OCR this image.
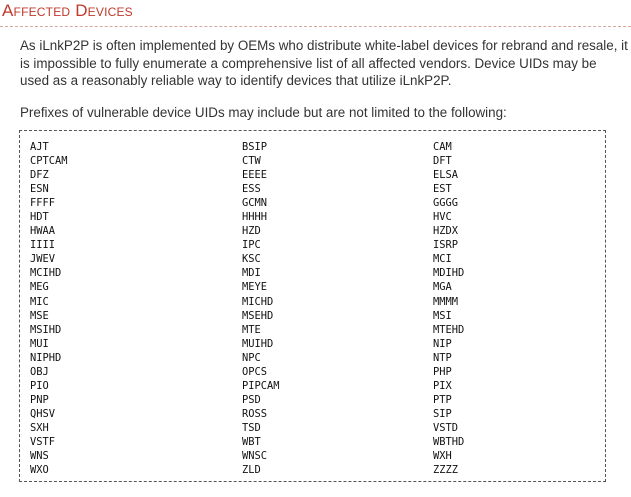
Affected Devices

As iLnkP2P is often implemented by OEMs who distribute white-label devices for rebrand and resale, it is impossible to fully enumerate a comprehensive list of all affected vendors. Device UIDs may be used as a reasonably reliable way to identify devices that utilize iLnkP2P.

Prefixes of vulnerable device UIDs may include but are not limited to the following:

AJT
CPTCAM
DFZ
ESN
FFFF
HDT
HWAA
IIII
JWEV
MCIHD
MEG
MIC
MSE
MSIHD
MUI
NIPHD
OBJ
PIO
PNP
QHSV
SXH
VSTF
WNS
WXO
BSIP
CTW
EEEE
ESS
GCMN
HHHH
HZD
IPC
KSC
MDI
MEYE
MICHD
MSEHD
MTE
MUIHD
NPC
OPCS
PIPCAM
PSD
ROSS
TSD
WBT
WNSC
ZLD
CAM
DFT
ELSA
EST
GGGG
HVC
HZDX
ISRP
MCI
MDIHD
MGA
MMMM
MSI
MTEHD
NIP
NTP
PHP
PIX
PTP
SIP
VSTD
WBTHD
WXH
ZZZZ
